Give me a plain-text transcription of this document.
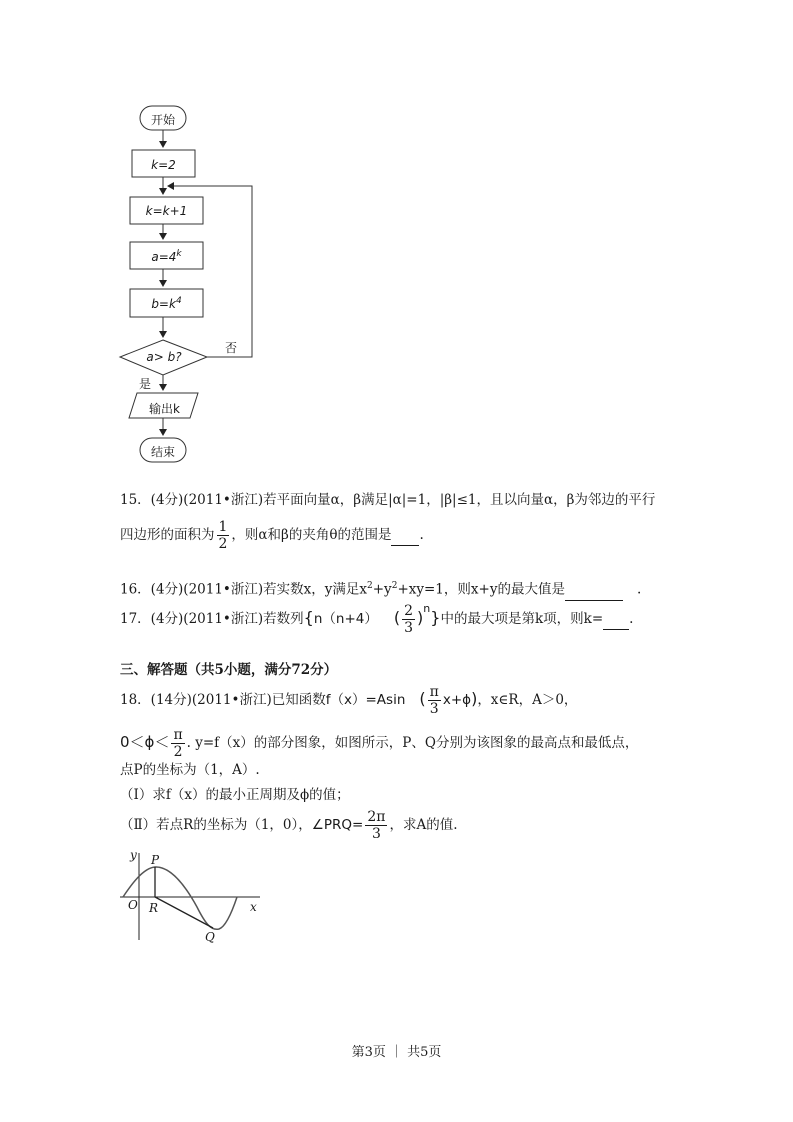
开始
k=2
k=k+1
$a=4^k$
$b=k^4$
a> b?
否
是
输出k
结束
15．(4分)(2011•浙江)若平面向量α，β满足|α|=1，|β|≤1，且以向量α，β为邻边的平行
四边形的面积为 $\frac{1}{2}$ ，则α和β的夹角θ的范围是 .
16．(4分)(2011•浙江)若实数x，y满足$x^2+y^2+xy=1$，则x+y的最大值是	.
17．(4分)(2011•浙江)若数列{n（n+4） ( $\frac{2}{3} )^n$}中的最大项是第k项，则k= .
三、解答题（共5小题，满分72分）
18．(14分)(2011•浙江)已知函数f（x）=Asin ( $\frac{\pi}{3} x+\phi$)，x∈R，A＞0，
$0<\phi< \frac{\pi}{2}$ . y=f（x）的部分图象，如图所示，P、Q分别为该图象的最高点和最低点，
点P的坐标为（1，A）.
（Ⅰ）求f（x）的最小正周期及ϕ的值；
（Ⅱ）若点R的坐标为（1，0），∠PRQ= $\frac{2\pi}{3}$ ，求A的值.
y
x
O
P
R
Q
第3页 ｜ 共5页
